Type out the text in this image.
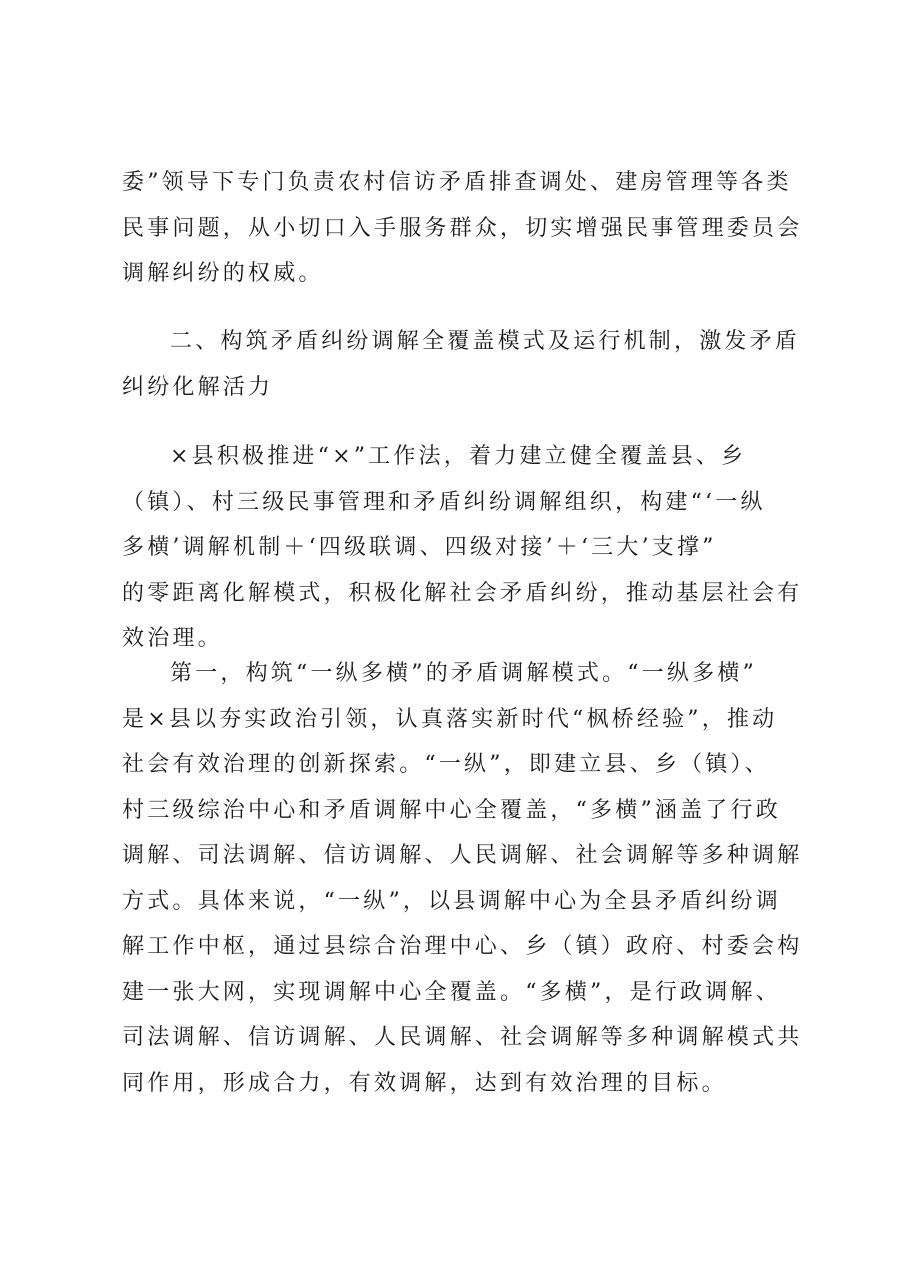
委”领导下专门负责农村信访矛盾排查调处、建房管理等各类
民事问题，从小切口入手服务群众，切实增强民事管理委员会
调解纠纷的权威。
二、构筑矛盾纠纷调解全覆盖模式及运行机制，激发矛盾
纠纷化解活力
×县积极推进“×”工作法，着力建立健全覆盖县、乡
（镇）、村三级民事管理和矛盾纠纷调解组织，构建“‘一纵
多横’调解机制＋‘四级联调、四级对接’＋‘三大’支撑”
的零距离化解模式，积极化解社会矛盾纠纷，推动基层社会有
效治理。
第一，构筑“一纵多横”的矛盾调解模式。“一纵多横”
是×县以夯实政治引领，认真落实新时代“枫桥经验”，推动
社会有效治理的创新探索。“一纵”，即建立县、乡（镇）、
村三级综治中心和矛盾调解中心全覆盖，“多横”涵盖了行政
调解、司法调解、信访调解、人民调解、社会调解等多种调解
方式。具体来说，“一纵”，以县调解中心为全县矛盾纠纷调
解工作中枢，通过县综合治理中心、乡（镇）政府、村委会构
建一张大网，实现调解中心全覆盖。“多横”，是行政调解、
司法调解、信访调解、人民调解、社会调解等多种调解模式共
同作用，形成合力，有效调解，达到有效治理的目标。
